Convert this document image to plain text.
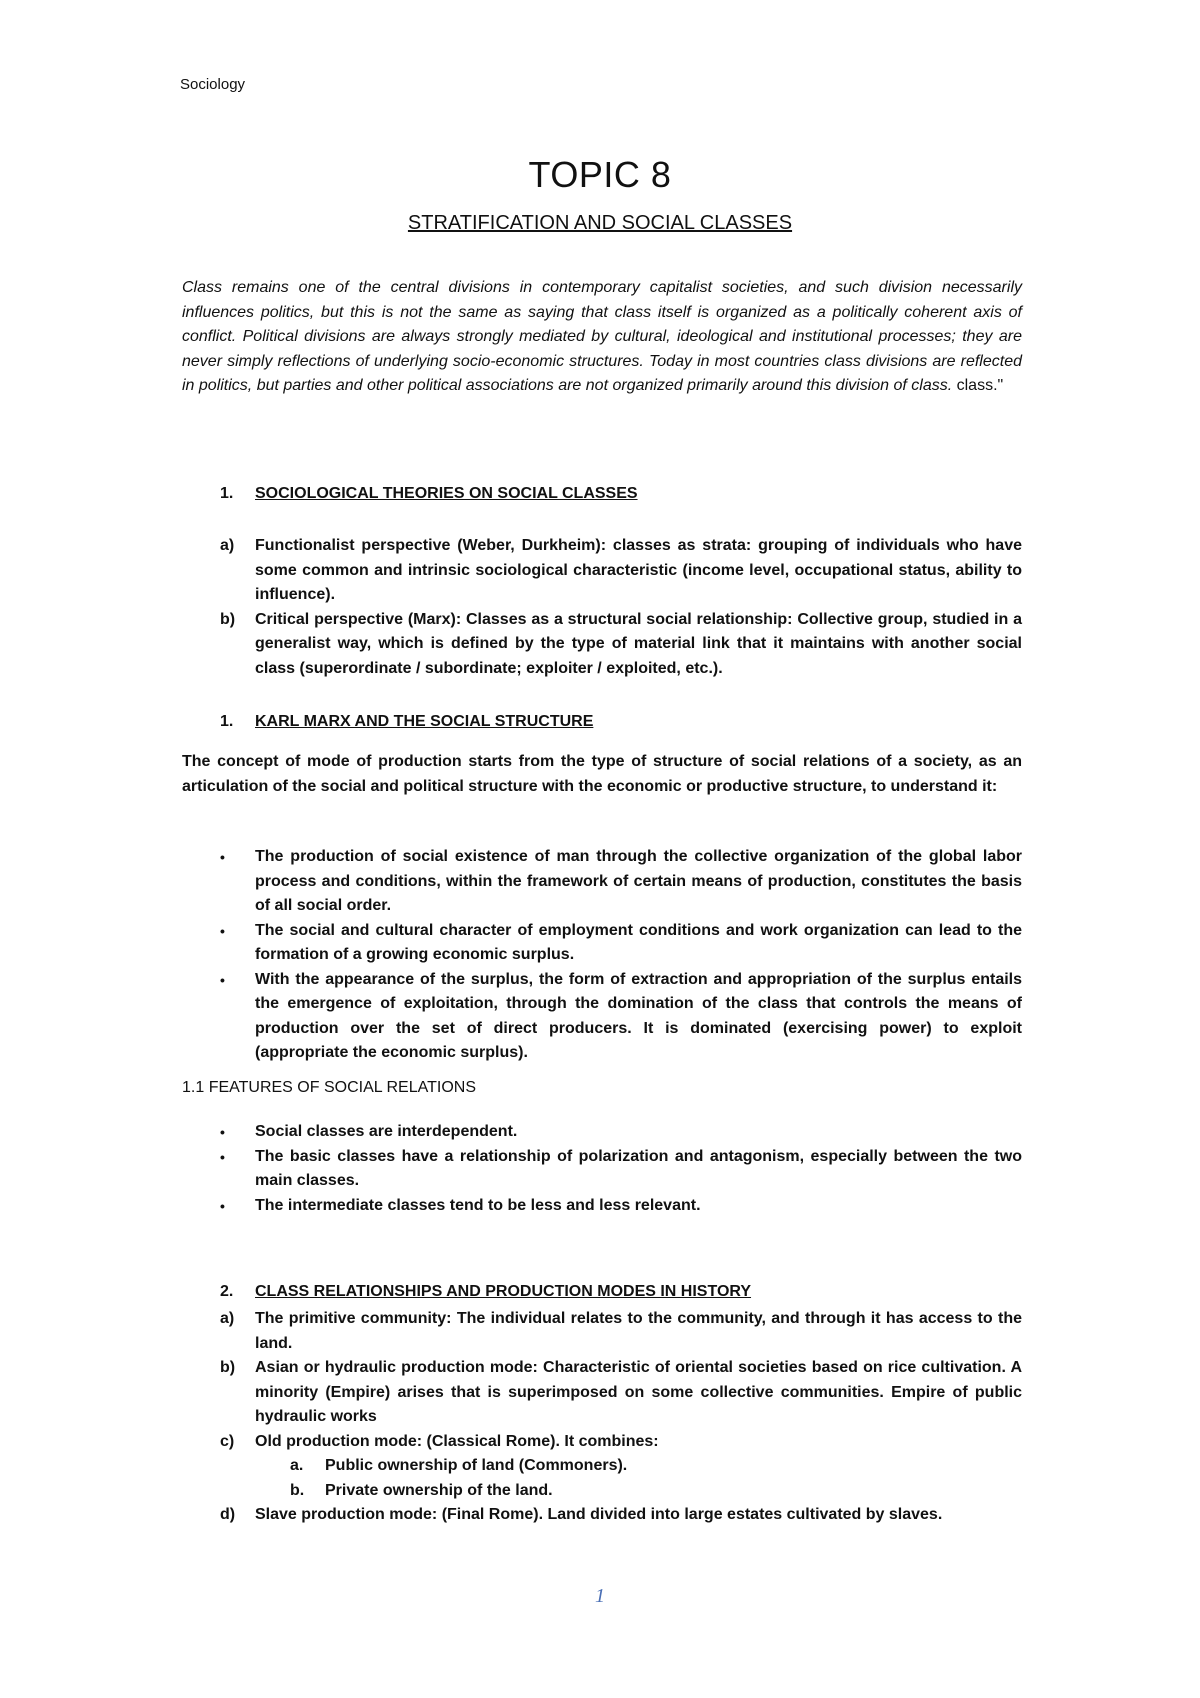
Sociology
TOPIC 8
STRATIFICATION AND SOCIAL CLASSES
Class remains one of the central divisions in contemporary capitalist societies, and such division necessarily influences politics, but this is not the same as saying that class itself is organized as a politically coherent axis of conflict. Political divisions are always strongly mediated by cultural, ideological and institutional processes; they are never simply reflections of underlying socio-economic structures. Today in most countries class divisions are reflected in politics, but parties and other political associations are not organized primarily around this division of class. class."
1. SOCIOLOGICAL THEORIES ON SOCIAL CLASSES
a) Functionalist perspective (Weber, Durkheim): classes as strata: grouping of individuals who have some common and intrinsic sociological characteristic (income level, occupational status, ability to influence).
b) Critical perspective (Marx): Classes as a structural social relationship: Collective group, studied in a generalist way, which is defined by the type of material link that it maintains with another social class (superordinate / subordinate; exploiter / exploited, etc.).
1. KARL MARX AND THE SOCIAL STRUCTURE
The concept of mode of production starts from the type of structure of social relations of a society, as an articulation of the social and political structure with the economic or productive structure, to understand it:
• The production of social existence of man through the collective organization of the global labor process and conditions, within the framework of certain means of production, constitutes the basis of all social order.
• The social and cultural character of employment conditions and work organization can lead to the formation of a growing economic surplus.
• With the appearance of the surplus, the form of extraction and appropriation of the surplus entails the emergence of exploitation, through the domination of the class that controls the means of production over the set of direct producers. It is dominated (exercising power) to exploit (appropriate the economic surplus).
1.1 FEATURES OF SOCIAL RELATIONS
• Social classes are interdependent.
• The basic classes have a relationship of polarization and antagonism, especially between the two main classes.
• The intermediate classes tend to be less and less relevant.
2. CLASS RELATIONSHIPS AND PRODUCTION MODES IN HISTORY
a) The primitive community: The individual relates to the community, and through it has access to the land.
b) Asian or hydraulic production mode: Characteristic of oriental societies based on rice cultivation. A minority (Empire) arises that is superimposed on some collective communities. Empire of public hydraulic works
c) Old production mode: (Classical Rome). It combines:
a. Public ownership of land (Commoners).
b. Private ownership of the land.
d) Slave production mode: (Final Rome). Land divided into large estates cultivated by slaves.
1
